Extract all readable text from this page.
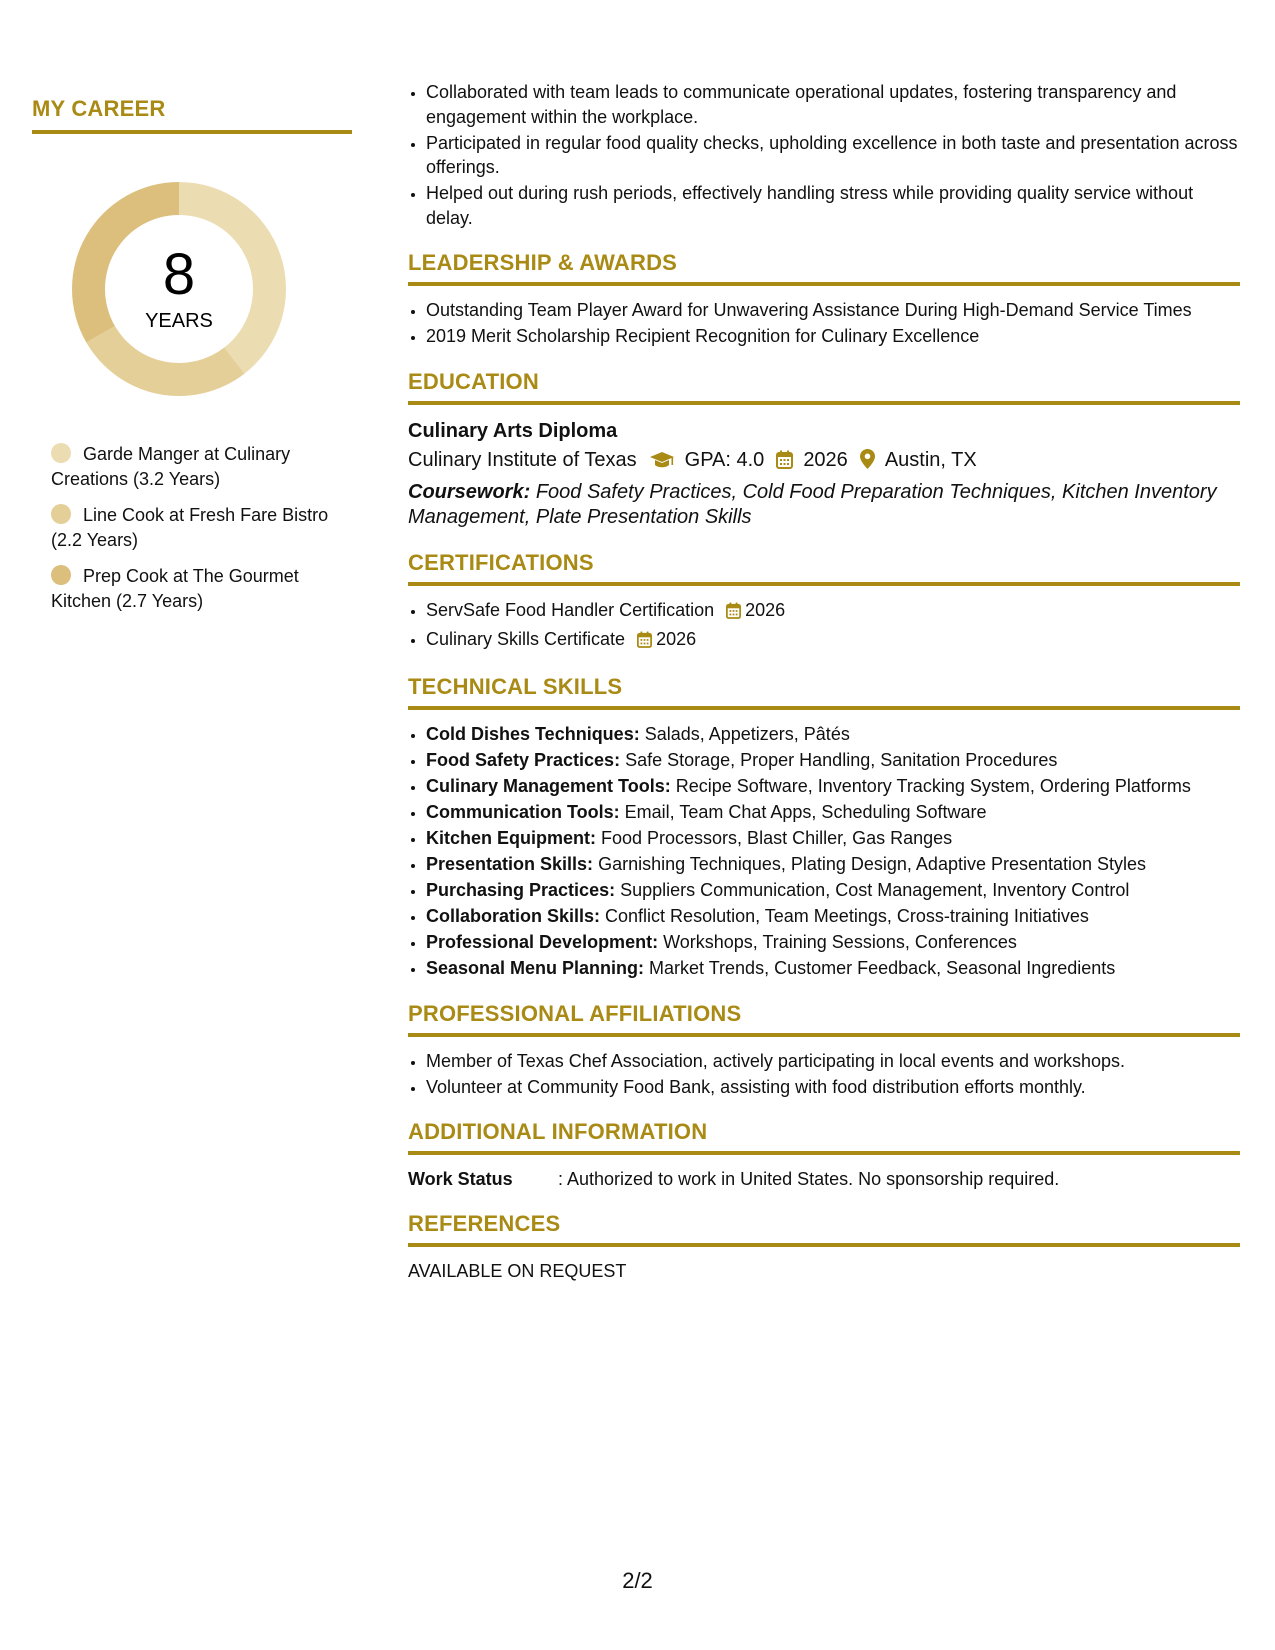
MY CAREER
8
YEARS
Garde Manger at Culinary Creations (3.2 Years)
Line Cook at Fresh Fare Bistro (2.2 Years)
Prep Cook at The Gourmet Kitchen (2.7 Years)
• Collaborated with team leads to communicate operational updates, fostering transparency and engagement within the workplace.
• Participated in regular food quality checks, upholding excellence in both taste and presentation across offerings.
• Helped out during rush periods, effectively handling stress while providing quality service without delay.
LEADERSHIP & AWARDS
• Outstanding Team Player Award for Unwavering Assistance During High-Demand Service Times
• 2019 Merit Scholarship Recipient Recognition for Culinary Excellence
EDUCATION

Culinary Arts Diploma

Culinary Institute of Texas GPA: 4.0 2026 Austin, TX

Coursework: Food Safety Practices, Cold Food Preparation Techniques, Kitchen Inventory Management, Plate Presentation Skills

CERTIFICATIONS
• ServSafe Food Handler Certification 2026
• Culinary Skills Certificate 2026
TECHNICAL SKILLS
• Cold Dishes Techniques: Salads, Appetizers, Pâtés
• Food Safety Practices: Safe Storage, Proper Handling, Sanitation Procedures
• Culinary Management Tools: Recipe Software, Inventory Tracking System, Ordering Platforms
• Communication Tools: Email, Team Chat Apps, Scheduling Software
• Kitchen Equipment: Food Processors, Blast Chiller, Gas Ranges
• Presentation Skills: Garnishing Techniques, Plating Design, Adaptive Presentation Styles
• Purchasing Practices: Suppliers Communication, Cost Management, Inventory Control
• Collaboration Skills: Conflict Resolution, Team Meetings, Cross-training Initiatives
• Professional Development: Workshops, Training Sessions, Conferences
• Seasonal Menu Planning: Market Trends, Customer Feedback, Seasonal Ingredients
PROFESSIONAL AFFILIATIONS
• Member of Texas Chef Association, actively participating in local events and workshops.
• Volunteer at Community Food Bank, assisting with food distribution efforts monthly.
ADDITIONAL INFORMATION
Work Status	: Authorized to work in United States. No sponsorship required.
REFERENCES
AVAILABLE ON REQUEST
2/2
